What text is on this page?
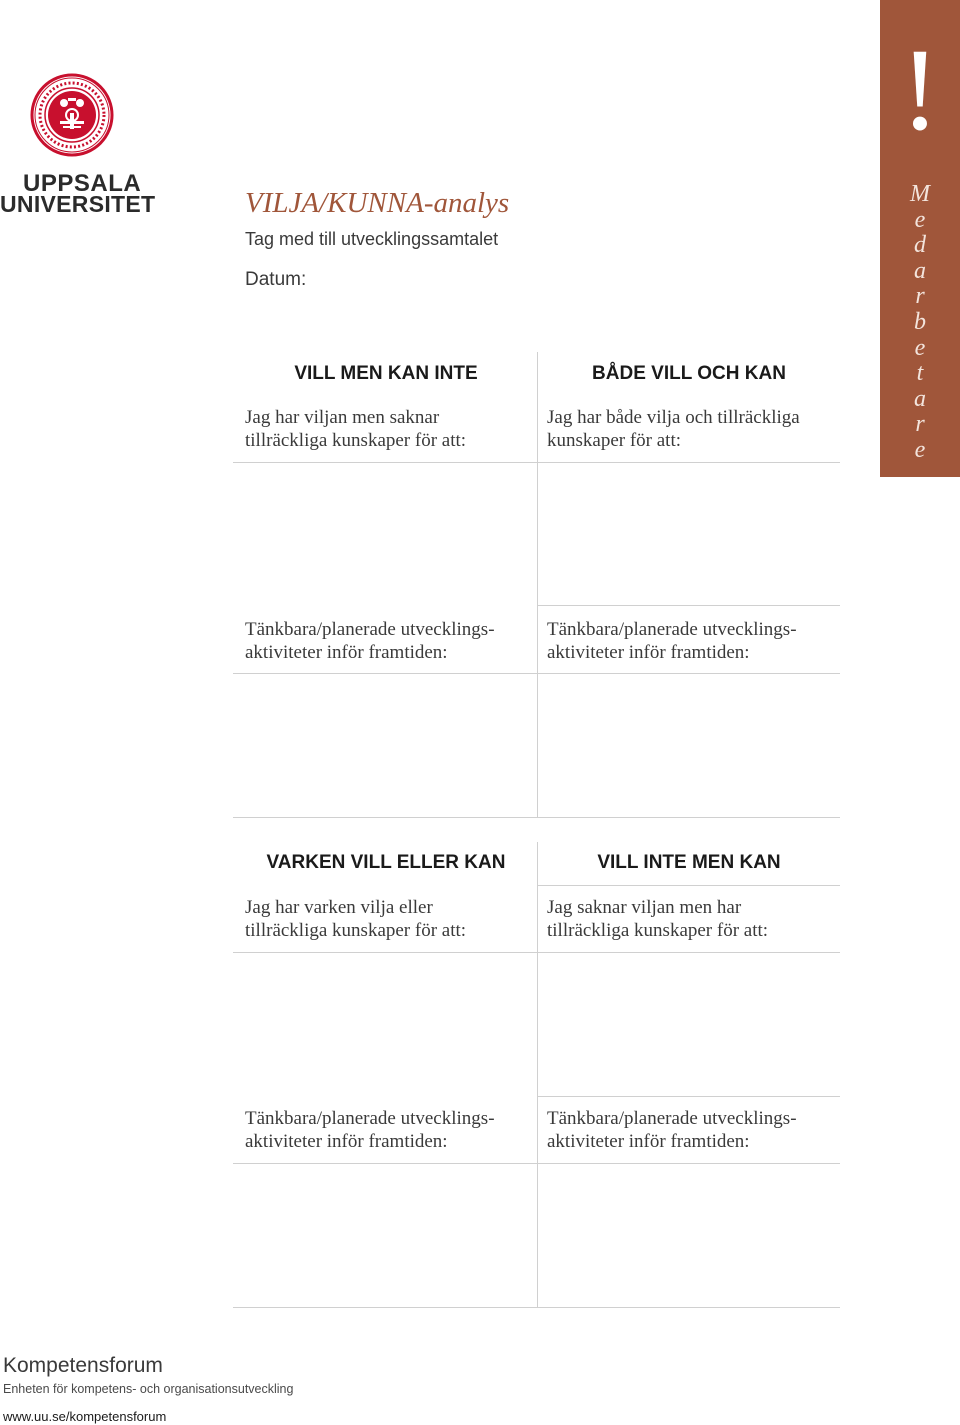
UPPSALA
UNIVERSITET
!
M
e
d
a
r
b
e
t
a
r
e
VILJA/KUNNA-analys
Tag med till utvecklingssamtalet
Datum:
VILL MEN KAN INTE
Jag har viljan men saknar
tillräckliga kunskaper för att:
Tänkbara/planerade utvecklings-
aktiviteter inför framtiden:
BÅDE VILL OCH KAN
Jag har både vilja och tillräckliga
kunskaper för att:
Tänkbara/planerade utvecklings-
aktiviteter inför framtiden:
VARKEN VILL ELLER KAN
Jag har varken vilja eller
tillräckliga kunskaper för att:
Tänkbara/planerade utvecklings-
aktiviteter inför framtiden:
VILL INTE MEN KAN
Jag saknar viljan men har
tillräckliga kunskaper för att:
Tänkbara/planerade utvecklings-
aktiviteter inför framtiden:
Kompetensforum
Enheten för kompetens- och organisationsutveckling
www.uu.se/kompetensforum
